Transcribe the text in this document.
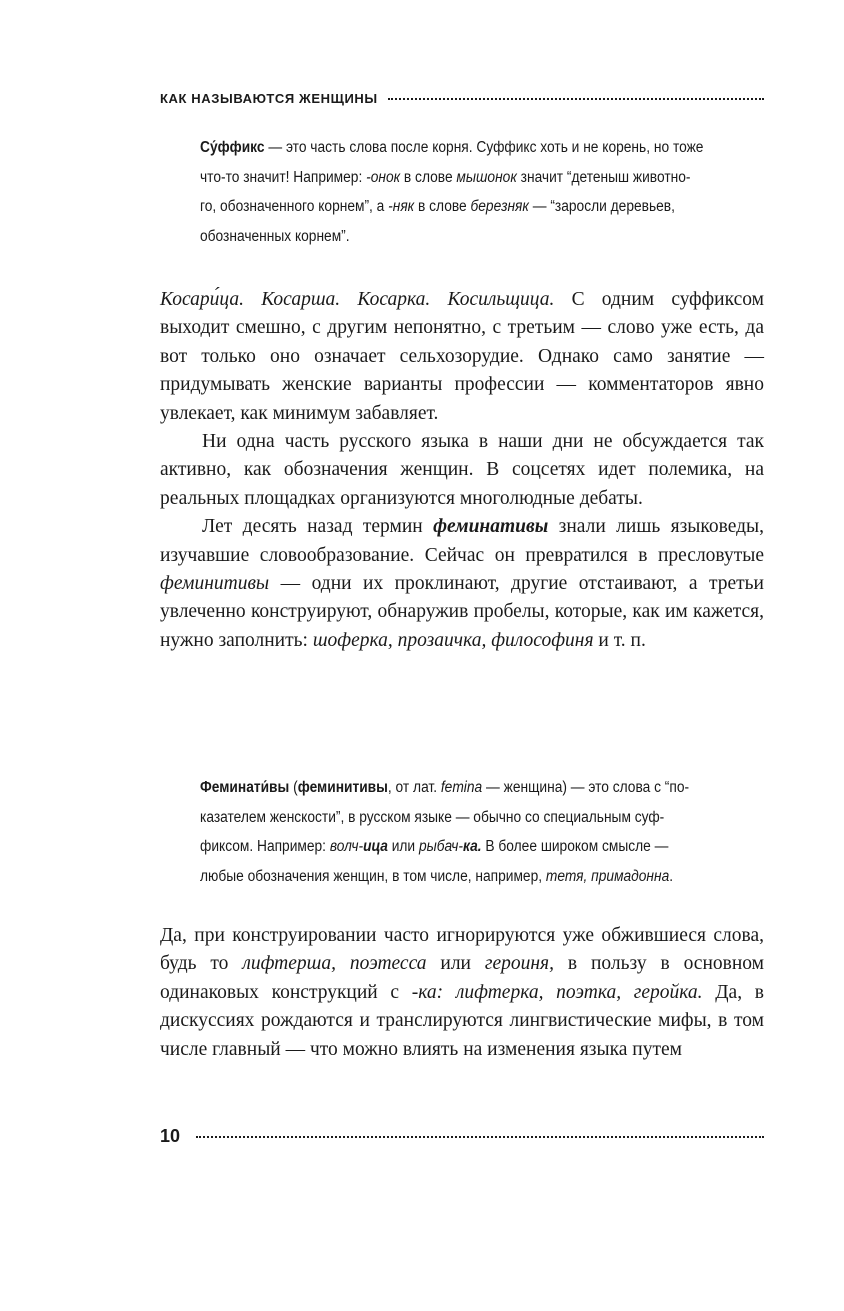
КАК НАЗЫВАЮТСЯ ЖЕНЩИНЫ
Су́ффикс — это часть слова после корня. Суффикс хоть и не корень, но тоже
что-то значит! Например: -онок в слове мышонок значит “детеныш животно-
го, обозначенного корнем”, а -няк в слове березняк — “заросли деревьев,
обозначенных корнем”.

Косари́ца. Косарша. Косарка. Косильщица. С одним суффиксом выходит смешно, с другим непонятно, с третьим — слово уже есть, да вот только оно означает сельхозорудие. Однако само занятие — придумывать женские варианты профессии — комментаторов явно увлекает, как минимум забавляет.

Ни одна часть русского языка в наши дни не обсуждается так активно, как обозначения женщин. В соцсетях идет полемика, на реальных площадках организуются многолюдные дебаты.

Лет десять назад термин феминативы знали лишь языковеды, изучавшие словообразование. Сейчас он превратился в пресловутые феминитивы — одни их проклинают, другие отстаивают, а третьи увлеченно конструируют, обнаружив пробелы, которые, как им кажется, нужно заполнить: шоферка, прозаичка, философиня и т. п.

Феминати́вы (феминитивы, от лат. femina — женщина) — это слова с “по-
казателем женскости”, в русском языке — обычно со специальным суф-
фиксом. Например: волч-ица или рыбач-ка. В более широком смысле —
любые обозначения женщин, в том числе, например, тетя, примадонна.

Да, при конструировании часто игнорируются уже обжившиеся слова, будь то лифтерша, поэтесса или героиня, в пользу в основном одинаковых конструкций с -ка: лифтерка, поэтка, геройка. Да, в дискуссиях рождаются и транслируются лингвистические мифы, в том числе главный — что можно влиять на изменения языка путем

10
